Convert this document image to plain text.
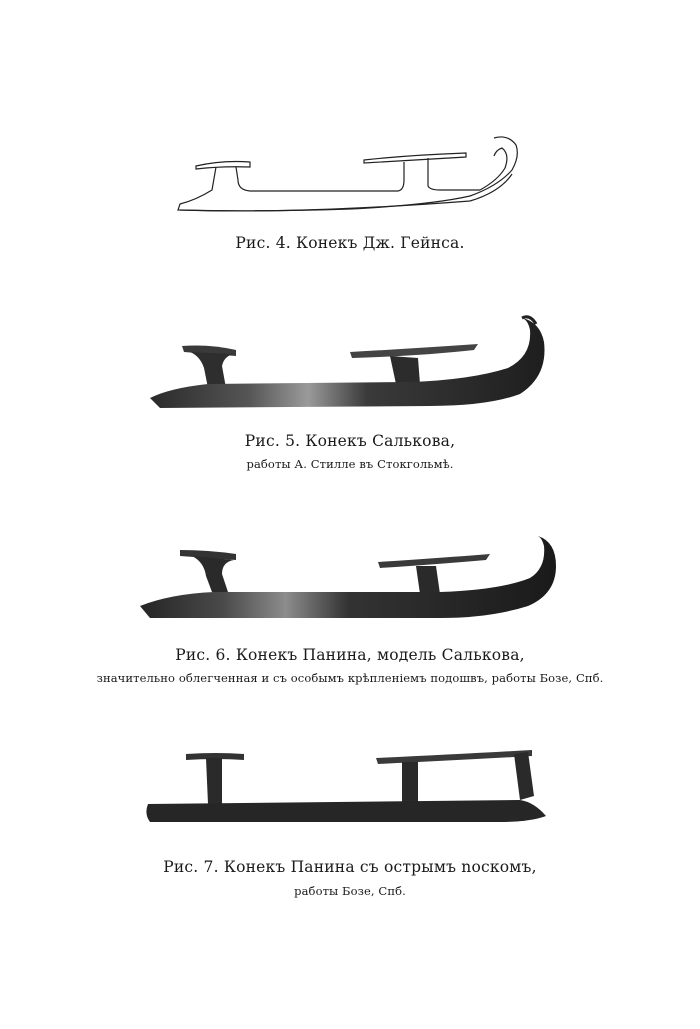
Рис. 4. Конекъ Дж. Гейнса.

Рис. 5. Конекъ Салькова,

работы А. Стилле въ Стокгольмѣ.

Рис. 6. Конекъ Панина, модель Салькова,

значительно облегченная и съ особымъ крѣпленіемъ подошвъ, работы Бозе, Спб.

Рис. 7. Конекъ Панина съ острымъ noскомъ,

работы Бозе, Спб.
